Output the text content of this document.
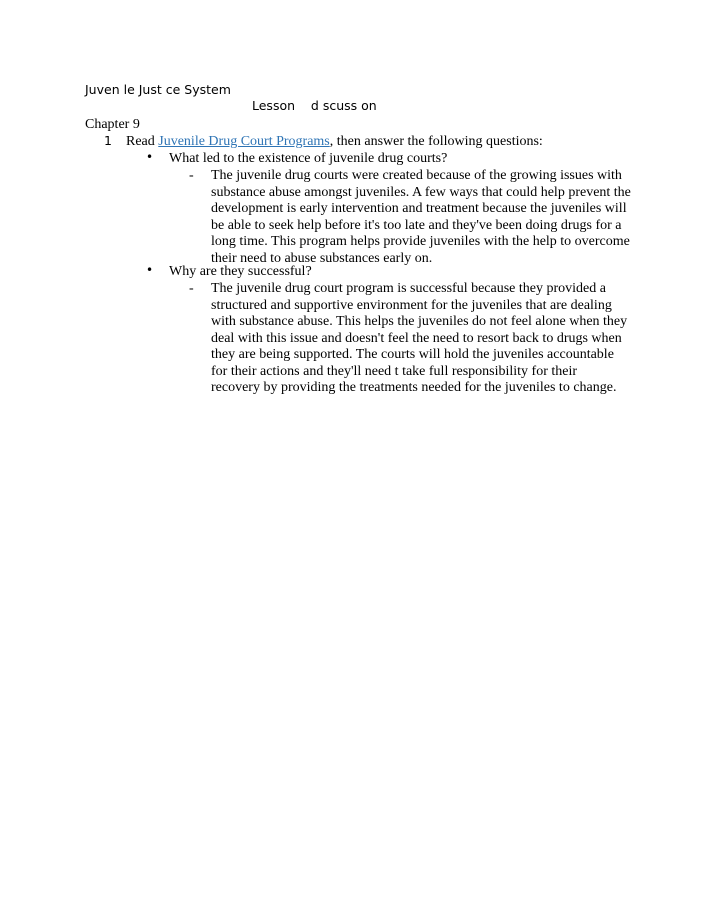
Juven le Just ce System
Lesson    d scuss on
Chapter 9
1 Read Juvenile Drug Court Programs, then answer the following questions:
• What led to the existence of juvenile drug courts?
- The juvenile drug courts were created because of the growing issues with
substance abuse amongst juveniles. A few ways that could help prevent the
development is early intervention and treatment because the juveniles will
be able to seek help before it's too late and they've been doing drugs for a
long time. This program helps provide juveniles with the help to overcome
their need to abuse substances early on.
• Why are they successful?
- The juvenile drug court program is successful because they provided a
structured and supportive environment for the juveniles that are dealing
with substance abuse. This helps the juveniles do not feel alone when they
deal with this issue and doesn't feel the need to resort back to drugs when
they are being supported. The courts will hold the juveniles accountable
for their actions and they'll need t take full responsibility for their
recovery by providing the treatments needed for the juveniles to change.
